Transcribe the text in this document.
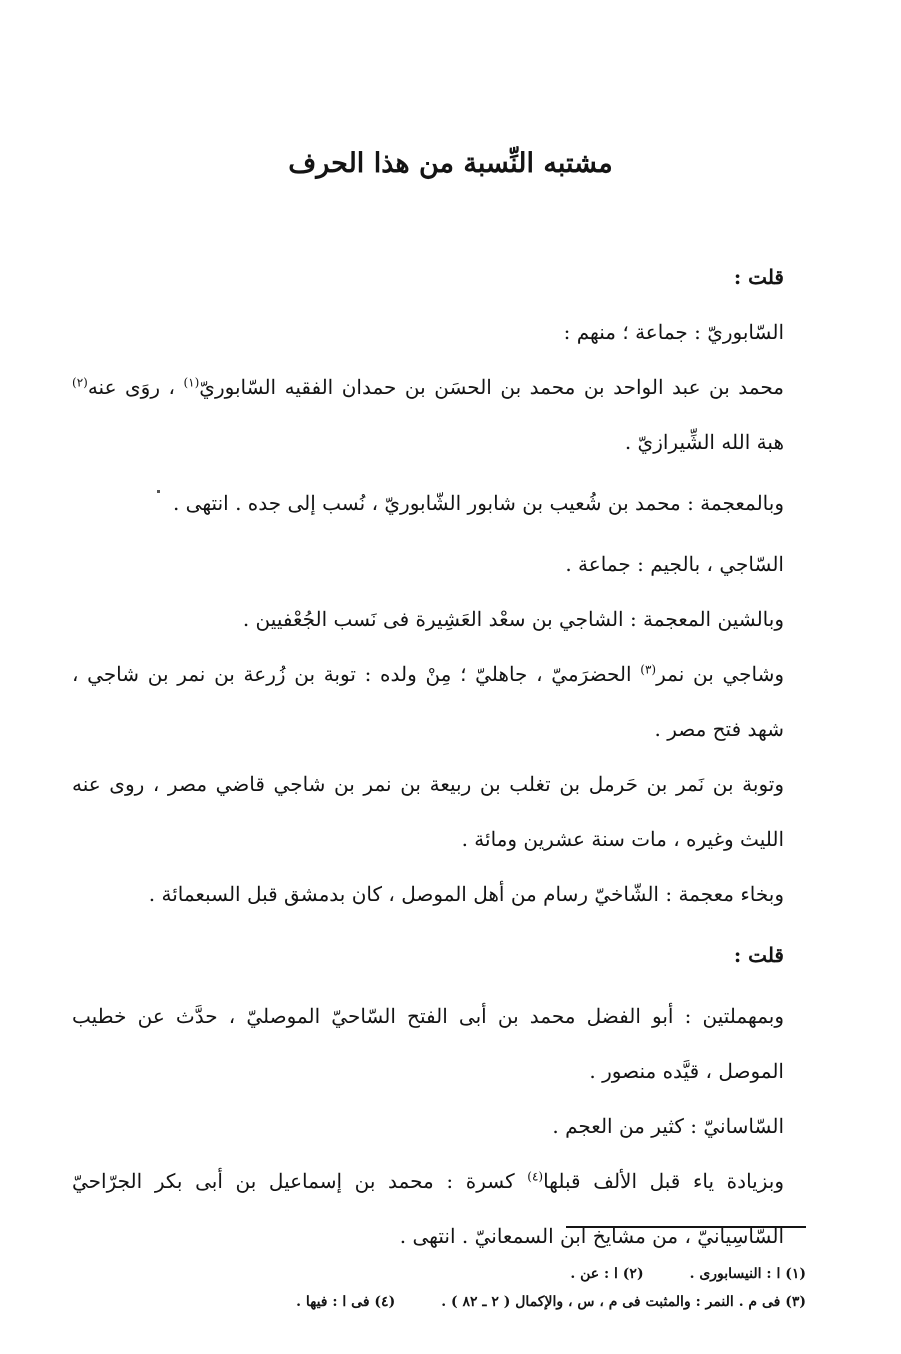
مشتبه النِّسبة من هذا الحرف

قلت :

السّابوريّ : جماعة ؛ منهم :

محمد بن عبد الواحد بن محمد بن الحسَن بن حمدان الفقيه السّابوريّ$^{(١)}$ ، روَى عنه$^{(٢)}$ هبة الله الشِّيرازيّ .

وبالمعجمة : محمد بن شُعيب بن شابور الشّابوريّ ، نُسب إلى جده . انتهى .

السّاجي ، بالجيم : جماعة .

وبالشين المعجمة : الشاجي بن سعْد العَشِيرة فى نَسب الجُعْفيين .

وشاجي بن نمر$^{(٣)}$ الحضرَميّ ، جاهليّ ؛ مِنْ ولده : توبة بن زُرعة بن نمر بن شاجي ، شهد فتح مصر .

وتوبة بن نَمر بن حَرمل بن تغلب بن ربيعة بن نمر بن شاجي قاضي مصر ، روى عنه الليث وغيره ، مات سنة عشرين ومائة .

وبخاء معجمة : الشّاخيّ رسام من أهل الموصل ، كان بدمشق قبل السبعمائة .

قلت :

وبمهملتين : أبو الفضل محمد بن أبى الفتح السّاحيّ الموصليّ ، حدَّث عن خطيب الموصل ، قيَّده منصور .

السّاسانيّ : كثير من العجم .

وبزيادة ياء قبل الألف قبلها$^{(٤)}$ كسرة : محمد بن إسماعيل بن أبى بكر الجرّاحيّ السّاسِيانيّ ، من مشايخ ابن السمعانيّ . انتهى .

(١) ا : النيسابورى .(٢) ا : عن .

(٣) فى م . النمر : والمثبت فى م ، س ، والإكمال ( ٢ ـ ٨٢ ) .(٤) فى ا : فيها .
